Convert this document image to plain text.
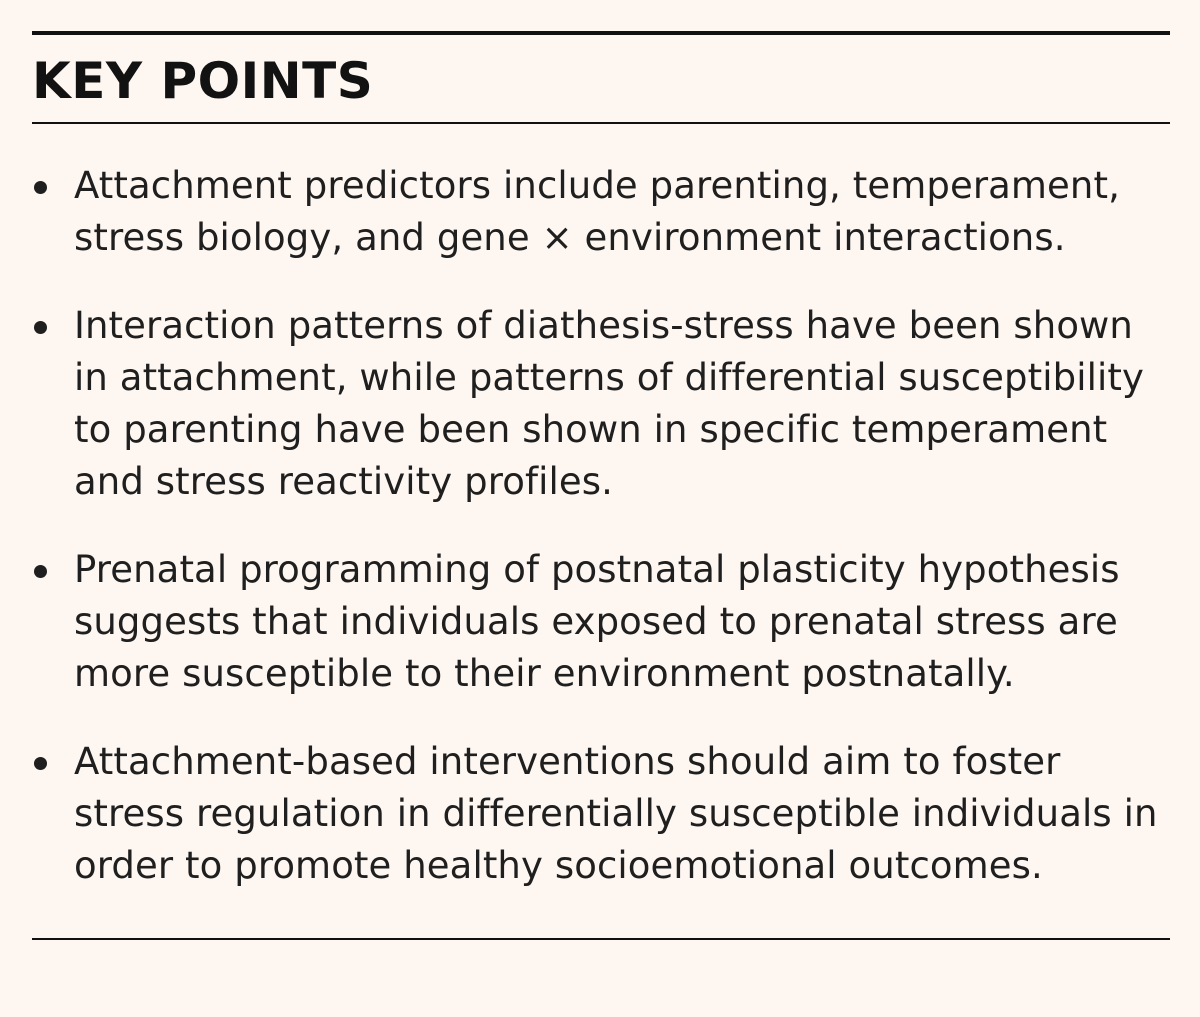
KEY POINTS
Attachment predictors include parenting, temperament, stress biology, and gene × environment interactions.
Interaction patterns of diathesis-stress have been shown in attachment, while patterns of differential susceptibility to parenting have been shown in specific temperament and stress reactivity profiles.
Prenatal programming of postnatal plasticity hypothesis suggests that individuals exposed to prenatal stress are more susceptible to their environment postnatally.
Attachment-based interventions should aim to foster stress regulation in differentially susceptible individuals in order to promote healthy socioemotional outcomes.
